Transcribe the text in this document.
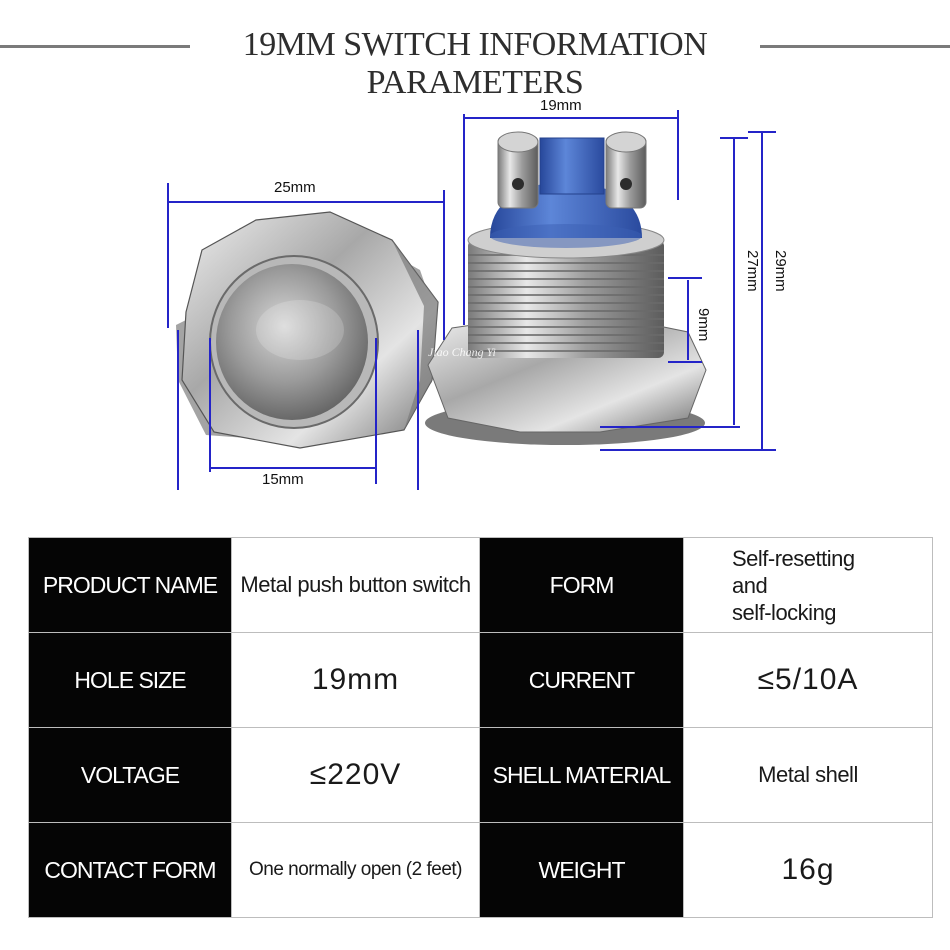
19MM SWITCH INFORMATION PARAMETERS
25mm
15mm
19mm
27mm 29mm
9mm
Jiao Chang Yi
PRODUCT NAME	Metal push button switch	FORM	Self-resetting
and
self-locking

HOLE SIZE	19mm	CURRENT	≤5/10A
VOLTAGE	≤220V	SHELL MATERIAL	Metal shell
CONTACT FORM	One normally open (2 feet)	WEIGHT	16g
